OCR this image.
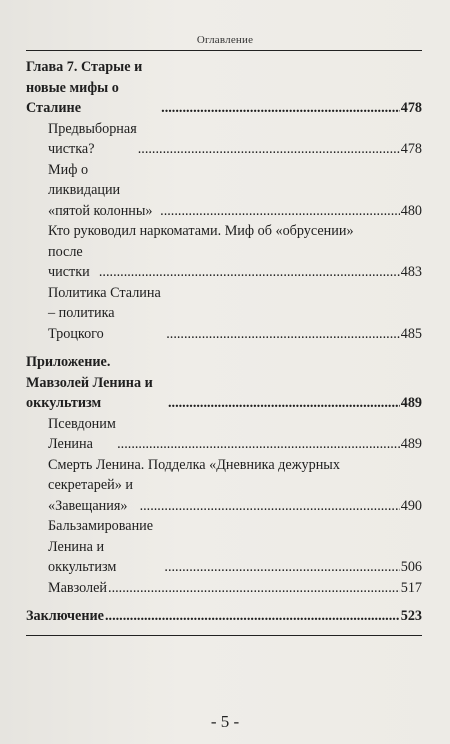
Оглавление
Глава 7. Старые и новые мифы о Сталине .....	478
Предвыборная чистка? .....	478
Миф о ликвидации «пятой колонны» .....	480
Кто руководил наркоматами. Миф об «обрусении»
после чистки .....	483
Политика Сталина – политика Троцкого .....	485
Приложение. Мавзолей Ленина и оккультизм .....	489
Псевдоним Ленина .....	489
Смерть Ленина. Подделка «Дневника дежурных
секретарей» и «Завещания» .....	490
Бальзамирование Ленина и оккультизм .....	506
Мавзолей .....	517
Заключение .....	523
- 5 -
